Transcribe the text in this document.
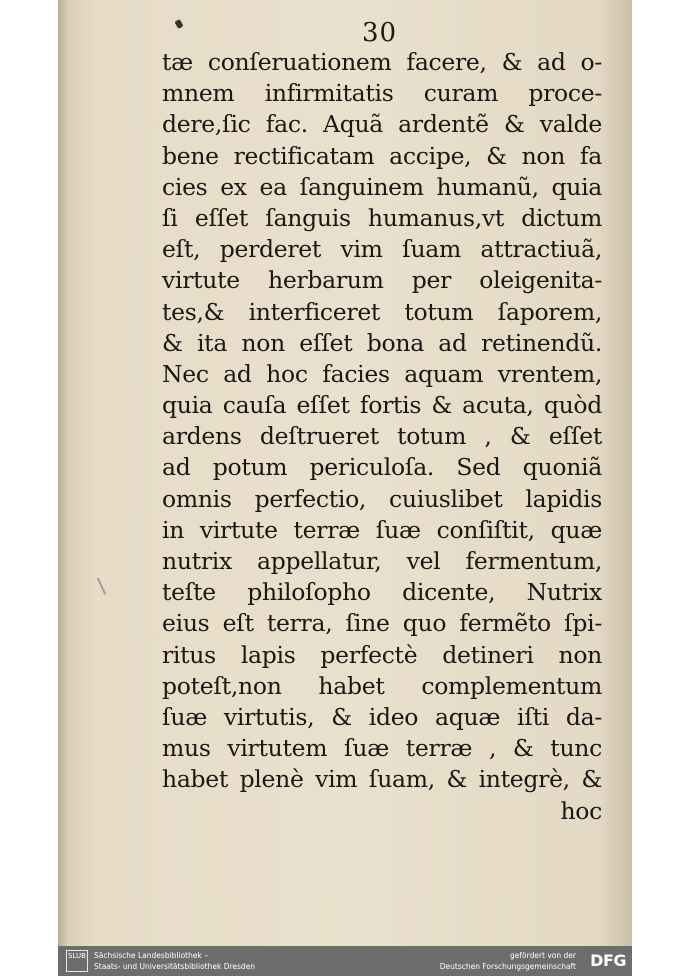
30
tæ conſeruationem facere, & ad o-
mnem infirmitatis curam proce-
dere,ſic fac. Aquã ardentẽ & valde
bene rectificatam accipe, & non fa
cies ex ea ſanguinem humanũ, quia
ſi eſſet ſanguis humanus,vt dictum
eſt, perderet vim ſuam attractiuã,
virtute herbarum per oleigenita-
tes,& interficeret totum ſaporem,
& ita non eſſet bona ad retinendũ.
Nec ad hoc facies aquam vrentem,
quia cauſa eſſet fortis & acuta, quòd
ardens deſtrueret totum , & eſſet
ad potum periculoſa. Sed quoniã
omnis perfectio, cuiuslibet lapidis
in virtute terræ ſuæ conſiſtit, quæ
nutrix appellatur, vel fermentum,
teſte philoſopho dicente, Nutrix
eius eſt terra, ſine quo fermẽto ſpi-
ritus lapis perfectè detineri non
poteſt,non habet complementum
ſuæ virtutis, & ideo aquæ iſti da-
mus virtutem ſuæ terræ , & tunc
habet plenè vim ſuam, & integrè, &
hoc
SLUB Sächsische Landesbibliothek –
Staats- und Universitätsbibliothek Dresden
gefördert von der
Deutschen Forschungsgemeinschaft DFG
